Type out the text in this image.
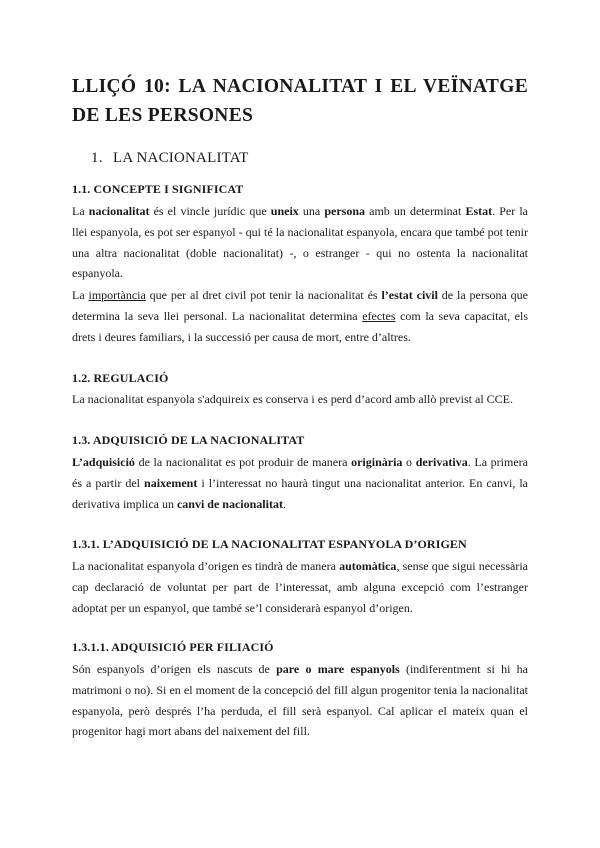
LLIÇÓ 10: LA NACIONALITAT I EL VEÏNATGE DE LES PERSONES
1. LA NACIONALITAT
1.1. CONCEPTE I SIGNIFICAT

La nacionalitat és el vincle jurídic que uneix una persona amb un determinat Estat. Per la llei espanyola, es pot ser espanyol - qui té la nacionalitat espanyola, encara que també pot tenir una altra nacionalitat (doble nacionalitat) -, o estranger - qui no ostenta la nacionalitat espanyola.

La importància que per al dret civil pot tenir la nacionalitat és l’estat civil de la persona que determina la seva llei personal. La nacionalitat determina efectes com la seva capacitat, els drets i deures familiars, i la successió per causa de mort, entre d’altres.

1.2. REGULACIÓ

La nacionalitat espanyola s'adquireix es conserva i es perd d’acord amb allò previst al CCE.

1.3. ADQUISICIÓ DE LA NACIONALITAT

L’adquisició de la nacionalitat es pot produir de manera originària o derivativa. La primera és a partir del naixement i l’interessat no haurà tingut una nacionalitat anterior. En canvi, la derivativa implica un canvi de nacionalitat.

1.3.1. L’ADQUISICIÓ DE LA NACIONALITAT ESPANYOLA D’ORIGEN

La nacionalitat espanyola d’origen es tindrà de manera automàtica, sense que sigui necessària cap declaració de voluntat per part de l’interessat, amb alguna excepció com l’estranger adoptat per un espanyol, que també se’l considerarà espanyol d’origen.

1.3.1.1. ADQUISICIÓ PER FILIACIÓ

Són espanyols d’origen els nascuts de pare o mare espanyols (indiferentment si hi ha matrimoni o no). Si en el moment de la concepció del fill algun progenitor tenia la nacionalitat espanyola, però després l’ha perduda, el fill serà espanyol. Cal aplicar el mateix quan el progenitor hagi mort abans del naixement del fill.
